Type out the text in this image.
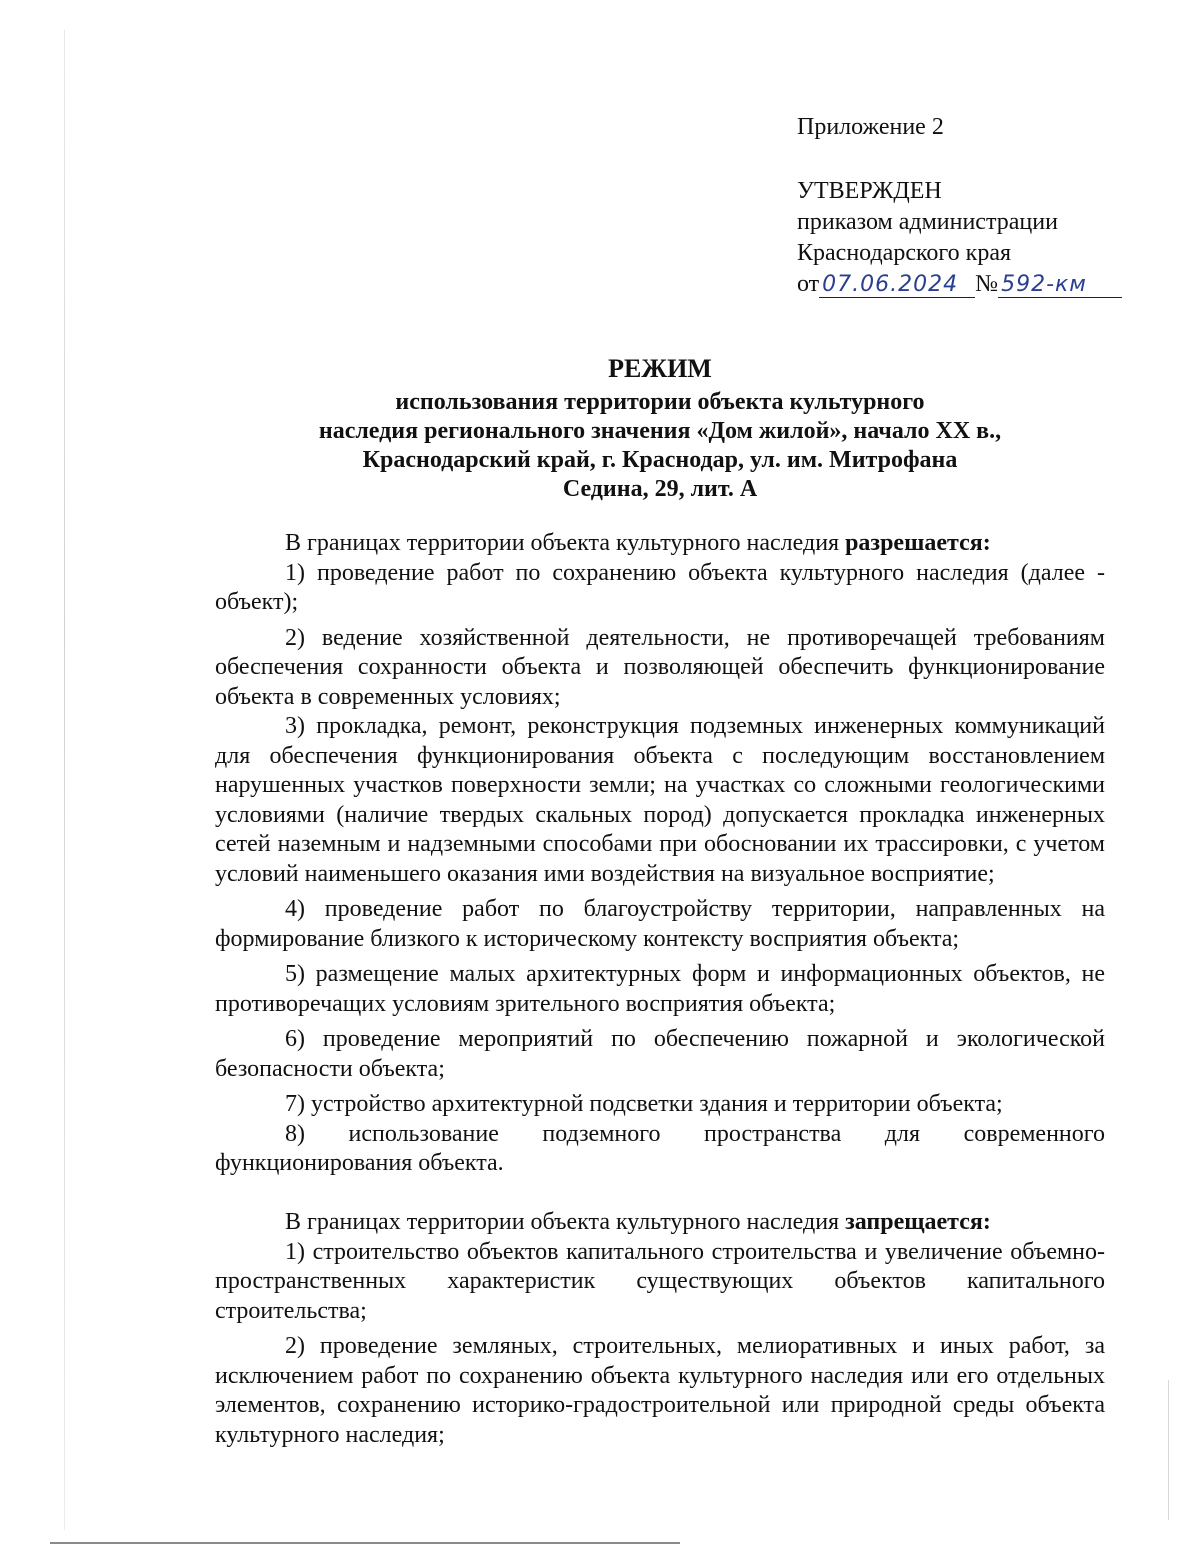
Приложение 2
УТВЕРЖДЕН
приказом администрации
Краснодарского края
от 07.06.2024 № 592-км
РЕЖИМ
использования территории объекта культурного
наследия регионального значения «Дом жилой», начало XX в.,
Краснодарский край, г. Краснодар, ул. им. Митрофана
Седина, 29, лит. А

В границах территории объекта культурного наследия разрешается:

1) проведение работ по сохранению объекта культурного наследия (далее - объект);

2) ведение хозяйственной деятельности, не противоречащей требованиям обеспечения сохранности объекта и позволяющей обеспечить функционирование объекта в современных условиях;

3) прокладка, ремонт, реконструкция подземных инженерных коммуникаций для обеспечения функционирования объекта с последующим восстановлением нарушенных участков поверхности земли; на участках со сложными геологическими условиями (наличие твердых скальных пород) допускается прокладка инженерных сетей наземным и надземными способами при обосновании их трассировки, с учетом условий наименьшего оказания ими воздействия на визуальное восприятие;

4) проведение работ по благоустройству территории, направленных на формирование близкого к историческому контексту восприятия объекта;

5) размещение малых архитектурных форм и информационных объектов, не противоречащих условиям зрительного восприятия объекта;

6) проведение мероприятий по обеспечению пожарной и экологической безопасности объекта;

7) устройство архитектурной подсветки здания и территории объекта;

8) использование подземного пространства для современного функционирования объекта.

В границах территории объекта культурного наследия запрещается:

1) строительство объектов капитального строительства и увеличение объемно-пространственных характеристик существующих объектов капитального строительства;

2) проведение земляных, строительных, мелиоративных и иных работ, за исключением работ по сохранению объекта культурного наследия или его отдельных элементов, сохранению историко-градостроительной или природной среды объекта культурного наследия;
